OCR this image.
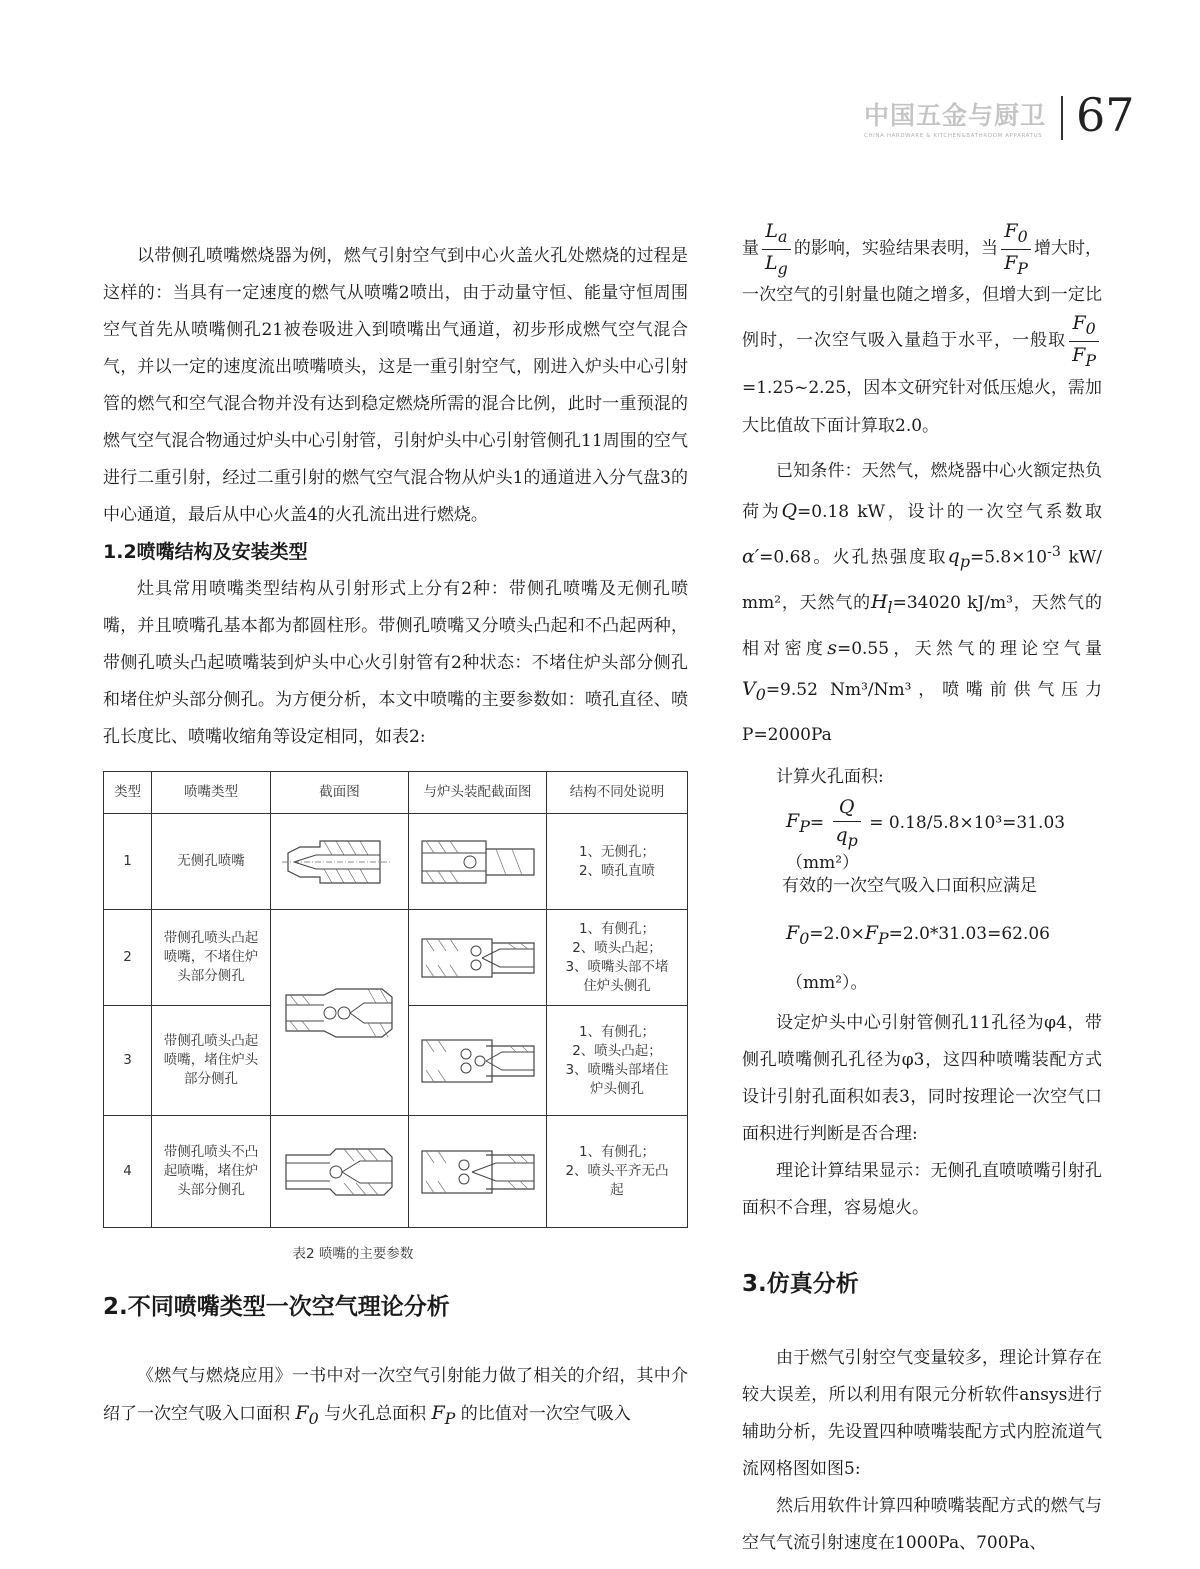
中国五金与厨卫
CHINA HARDWARE & KITCHEN&BATHROOM APPARATUS 67

以带侧孔喷嘴燃烧器为例，燃气引射空气到中心火盖火孔处燃烧的过程是这样的：当具有一定速度的燃气从喷嘴2喷出，由于动量守恒、能量守恒周围空气首先从喷嘴侧孔21被卷吸进入到喷嘴出气通道，初步形成燃气空气混合气，并以一定的速度流出喷嘴喷头，这是一重引射空气，刚进入炉头中心引射管的燃气和空气混合物并没有达到稳定燃烧所需的混合比例，此时一重预混的燃气空气混合物通过炉头中心引射管，引射炉头中心引射管侧孔11周围的空气进行二重引射，经过二重引射的燃气空气混合物从炉头1的通道进入分气盘3的中心通道，最后从中心火盖4的火孔流出进行燃烧。

1.2喷嘴结构及安装类型

灶具常用喷嘴类型结构从引射形式上分有2种：带侧孔喷嘴及无侧孔喷嘴，并且喷嘴孔基本都为都圆柱形。带侧孔喷嘴又分喷头凸起和不凸起两种，带侧孔喷头凸起喷嘴装到炉头中心火引射管有2种状态：不堵住炉头部分侧孔和堵住炉头部分侧孔。为方便分析，本文中喷嘴的主要参数如：喷孔直径、喷孔长度比、喷嘴收缩角等设定相同，如表2:

类型	喷嘴类型	截面图	与炉头装配截面图	结构不同处说明
1	无侧孔喷嘴			1、无侧孔；
2、喷孔直喷
2	带侧孔喷头凸起
喷嘴，不堵住炉
头部分侧孔			1、有侧孔；
2、喷头凸起；
3、喷嘴头部不堵
住炉头侧孔
3	带侧孔喷头凸起
喷嘴，堵住炉头
部分侧孔			1、有侧孔；
2、喷头凸起；
3、喷嘴头部堵住
炉头侧孔
4	带侧孔喷头不凸
起喷嘴，堵住炉
头部分侧孔			1、有侧孔；
2、喷头平齐无凸
起
表2 喷嘴的主要参数
2.不同喷嘴类型一次空气理论分析

《燃气与燃烧应用》一书中对一次空气引射能力做了相关的介绍，其中介绍了一次空气吸入口面积 $F_0$ 与火孔总面积 $F_P$ 的比值对一次空气吸入

量 $\frac{L_a}{L_g}$ 的影响，实验结果表明，当 $\frac{F_0}{F_P}$ 增大时，一次空气的引射量也随之增多，但增大到一定比例时，一次空气吸入量趋于水平，一般取 $\frac{F_0}{F_P}$
=1.25~2.25，因本文研究针对低压熄火，需加大比值故下面计算取2.0。

已知条件：天然气，燃烧器中心火额定热负荷为Q=0.18 kW，设计的一次空气系数取α′=0.68。火孔热强度取$q_p=5.8\times 10^{-3}$ kW/ mm²，天然气的$H_l=34020$ kJ/m³，天然气的相对密度s=0.55，天然气的理论空气量$V_0=9.52$ Nm³/Nm³，喷嘴前供气压力P=2000Pa

计算火孔面积:

$F_P= \frac{Q}{q_p} = 0.18/5.8\times 10^3=31.03(mm^2)$

有效的一次空气吸入口面积应满足

$F_0=2.0\times F_P=2.0*31.03=62.06(mm^2)$。

设定炉头中心引射管侧孔11孔径为φ4，带侧孔喷嘴侧孔孔径为φ3，这四种喷嘴装配方式设计引射孔面积如表3，同时按理论一次空气口面积进行判断是否合理:

理论计算结果显示：无侧孔直喷喷嘴引射孔面积不合理，容易熄火。

3.仿真分析

由于燃气引射空气变量较多，理论计算存在较大误差，所以利用有限元分析软件ansys进行辅助分析，先设置四种喷嘴装配方式内腔流道气流网格图如图5:

然后用软件计算四种喷嘴装配方式的燃气与空气气流引射速度在1000Pa、700Pa、
